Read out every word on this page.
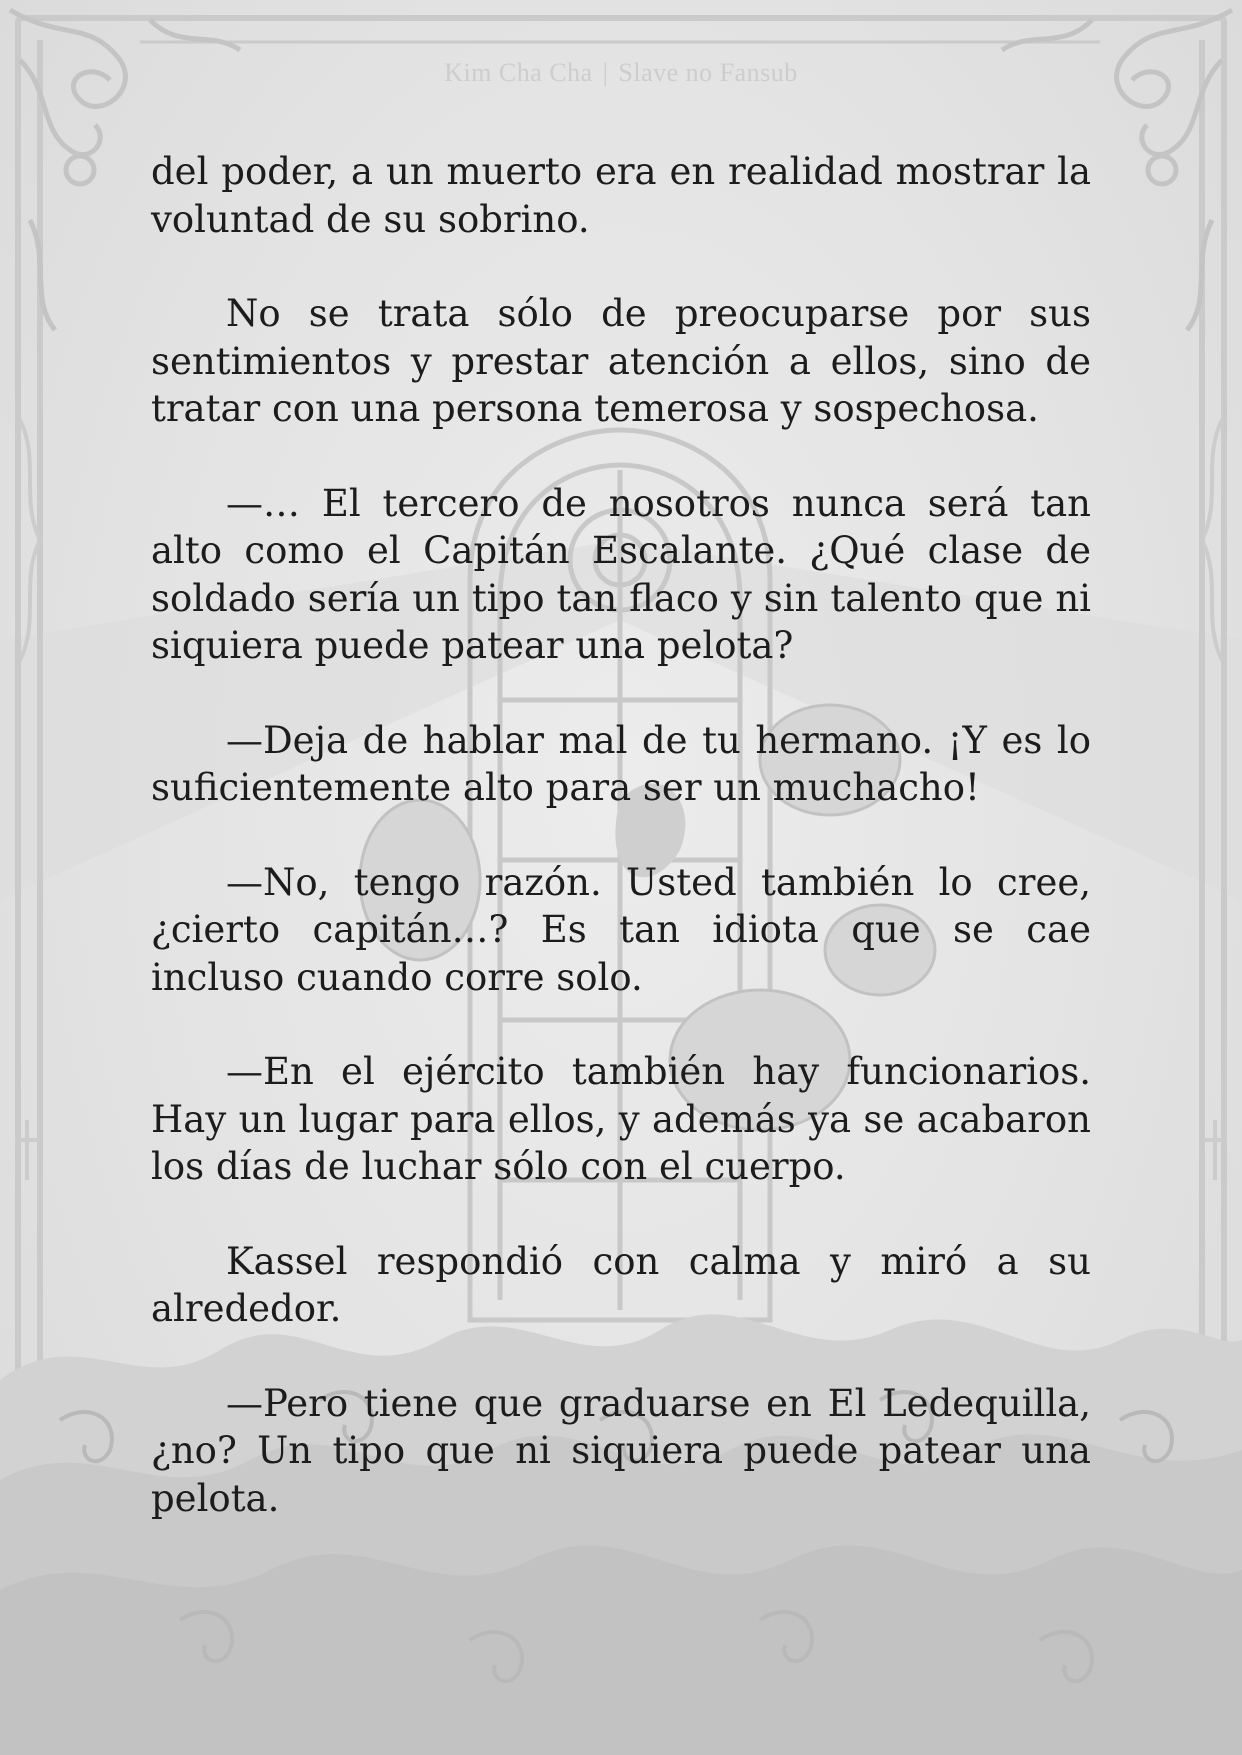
Kim Cha Cha | Slave no Fansub

del poder, a un muerto era en realidad mostrar la voluntad de su sobrino.

No se trata sólo de preocuparse por sus sentimientos y prestar atención a ellos, sino de tratar con una persona temerosa y sospechosa.

—… El tercero de nosotros nunca será tan alto como el Capitán Escalante. ¿Qué clase de soldado sería un tipo tan flaco y sin talento que ni siquiera puede patear una pelota?

—Deja de hablar mal de tu hermano. ¡Y es lo suficientemente alto para ser un muchacho!

—No, tengo razón. Usted también lo cree, ¿cierto capitán…? Es tan idiota que se cae incluso cuando corre solo.

—En el ejército también hay funcionarios. Hay un lugar para ellos, y además ya se acabaron los días de luchar sólo con el cuerpo.

Kassel respondió con calma y miró a su alrededor.

—Pero tiene que graduarse en El Ledequilla, ¿no? Un tipo que ni siquiera puede patear una pelota.
